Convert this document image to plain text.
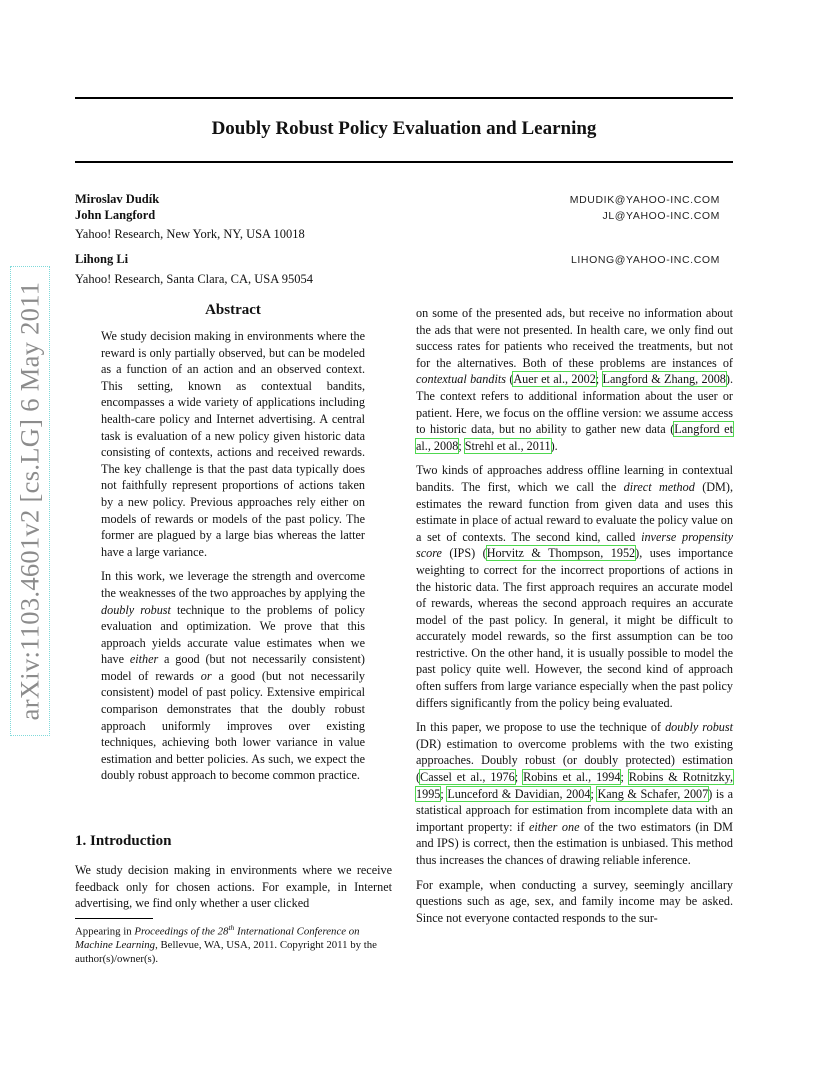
Doubly Robust Policy Evaluation and Learning
Miroslav Dudík	MDUDIK@YAHOO-INC.COM
John Langford	JL@YAHOO-INC.COM
Yahoo! Research, New York, NY, USA 10018
Lihong Li	LIHONG@YAHOO-INC.COM
Yahoo! Research, Santa Clara, CA, USA 95054
arXiv:1103.4601v2 [cs.LG] 6 May 2011	Abstract

We study decision making in environments where the reward is only partially observed, but can be modeled as a function of an action and an observed context. This setting, known as contextual bandits, encompasses a wide variety of applications including health-care policy and Internet advertising. A central task is evaluation of a new policy given historic data consisting of contexts, actions and received rewards. The key challenge is that the past data typically does not faithfully represent proportions of actions taken by a new policy. Previous approaches rely either on models of rewards or models of the past policy. The former are plagued by a large bias whereas the latter have a large variance.

In this work, we leverage the strength and overcome the weaknesses of the two approaches by applying the doubly robust technique to the problems of policy evaluation and optimization. We prove that this approach yields accurate value estimates when we have either a good (but not necessarily consistent) model of rewards or a good (but not necessarily consistent) model of past policy. Extensive empirical comparison demonstrates that the doubly robust approach uniformly improves over existing techniques, achieving both lower variance in value estimation and better policies. As such, we expect the doubly robust approach to become common practice.

1. Introduction

We study decision making in environments where we receive feedback only for chosen actions. For example, in Internet advertising, we find only whether a user clicked

Appearing in Proceedings of the 28th International Conference on Machine Learning, Bellevue, WA, USA, 2011. Copyright 2011 by the author(s)/owner(s).

on some of the presented ads, but receive no information about the ads that were not presented. In health care, we only find out success rates for patients who received the treatments, but not for the alternatives. Both of these problems are instances of contextual bandits (Auer et al., 2002; Langford & Zhang, 2008). The context refers to additional information about the user or patient. Here, we focus on the offline version: we assume access to historic data, but no ability to gather new data (Langford et al., 2008; Strehl et al., 2011).

Two kinds of approaches address offline learning in contextual bandits. The first, which we call the direct method (DM), estimates the reward function from given data and uses this estimate in place of actual reward to evaluate the policy value on a set of contexts. The second kind, called inverse propensity score (IPS) (Horvitz & Thompson, 1952), uses importance weighting to correct for the incorrect proportions of actions in the historic data. The first approach requires an accurate model of rewards, whereas the second approach requires an accurate model of the past policy. In general, it might be difficult to accurately model rewards, so the first assumption can be too restrictive. On the other hand, it is usually possible to model the past policy quite well. However, the second kind of approach often suffers from large variance especially when the past policy differs significantly from the policy being evaluated.

In this paper, we propose to use the technique of doubly robust (DR) estimation to overcome problems with the two existing approaches. Doubly robust (or doubly protected) estimation (Cassel et al., 1976; Robins et al., 1994; Robins & Rotnitzky, 1995; Lunceford & Davidian, 2004; Kang & Schafer, 2007) is a statistical approach for estimation from incomplete data with an important property: if either one of the two estimators (in DM and IPS) is correct, then the estimation is unbiased. This method thus increases the chances of drawing reliable inference.

For example, when conducting a survey, seemingly ancillary questions such as age, sex, and family income may be asked. Since not everyone contacted responds to the sur-
